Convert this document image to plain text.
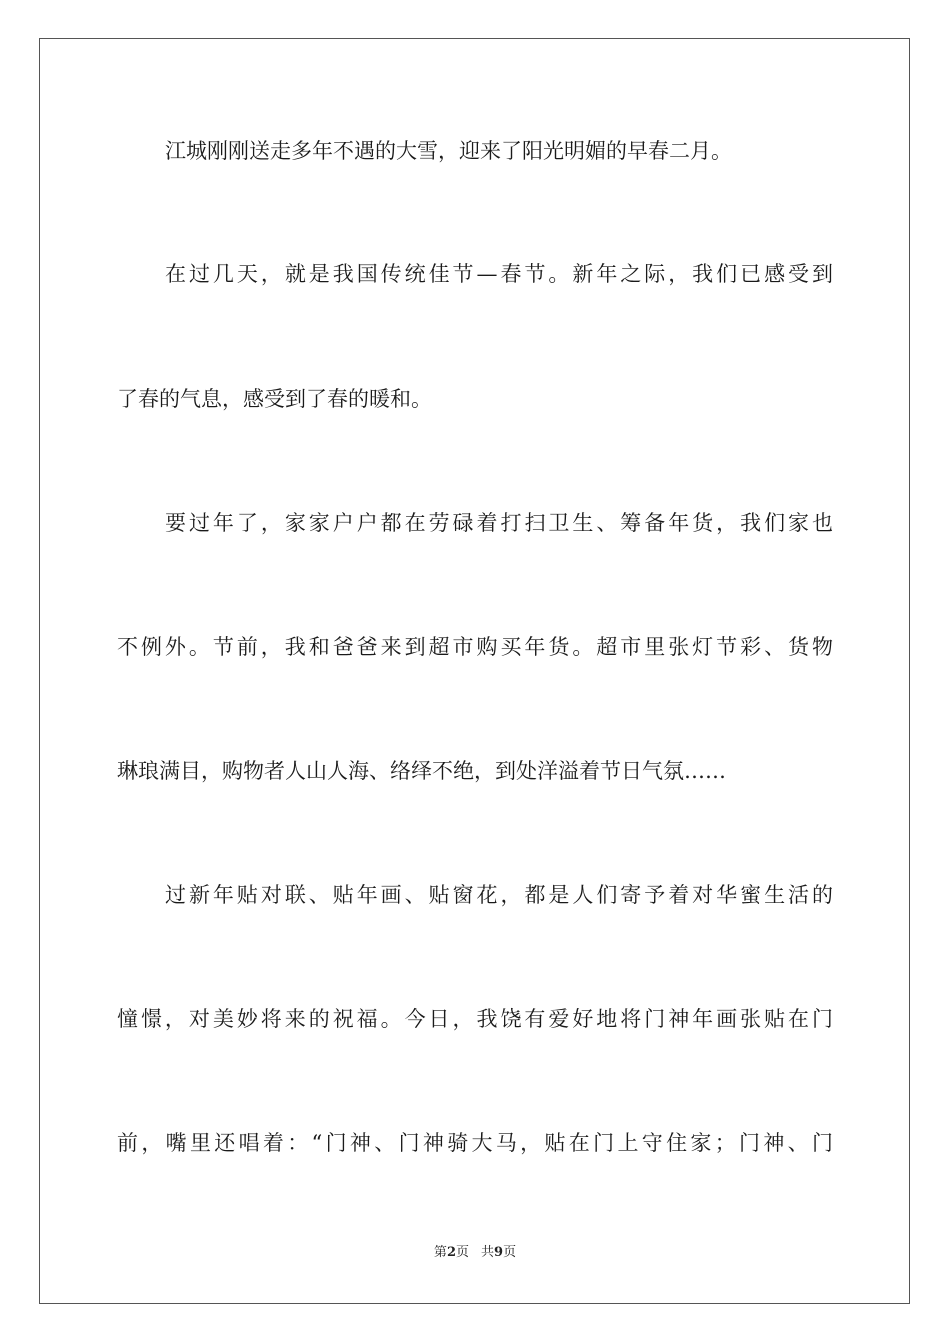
江城刚刚送走多年不遇的大雪，迎来了阳光明媚的早春二月。
在过几天，就是我国传统佳节—春节。新年之际，我们已感受到
了春的气息，感受到了春的暖和。
要过年了，家家户户都在劳碌着打扫卫生、筹备年货，我们家也
不例外。节前，我和爸爸来到超市购买年货。超市里张灯节彩、货物
琳琅满目，购物者人山人海、络绎不绝，到处洋溢着节日气氛……
过新年贴对联、贴年画、贴窗花，都是人们寄予着对华蜜生活的
憧憬，对美妙将来的祝福。今日，我饶有爱好地将门神年画张贴在门
前，嘴里还唱着：“门神、门神骑大马，贴在门上守住家；门神、门
第2页 共9页
